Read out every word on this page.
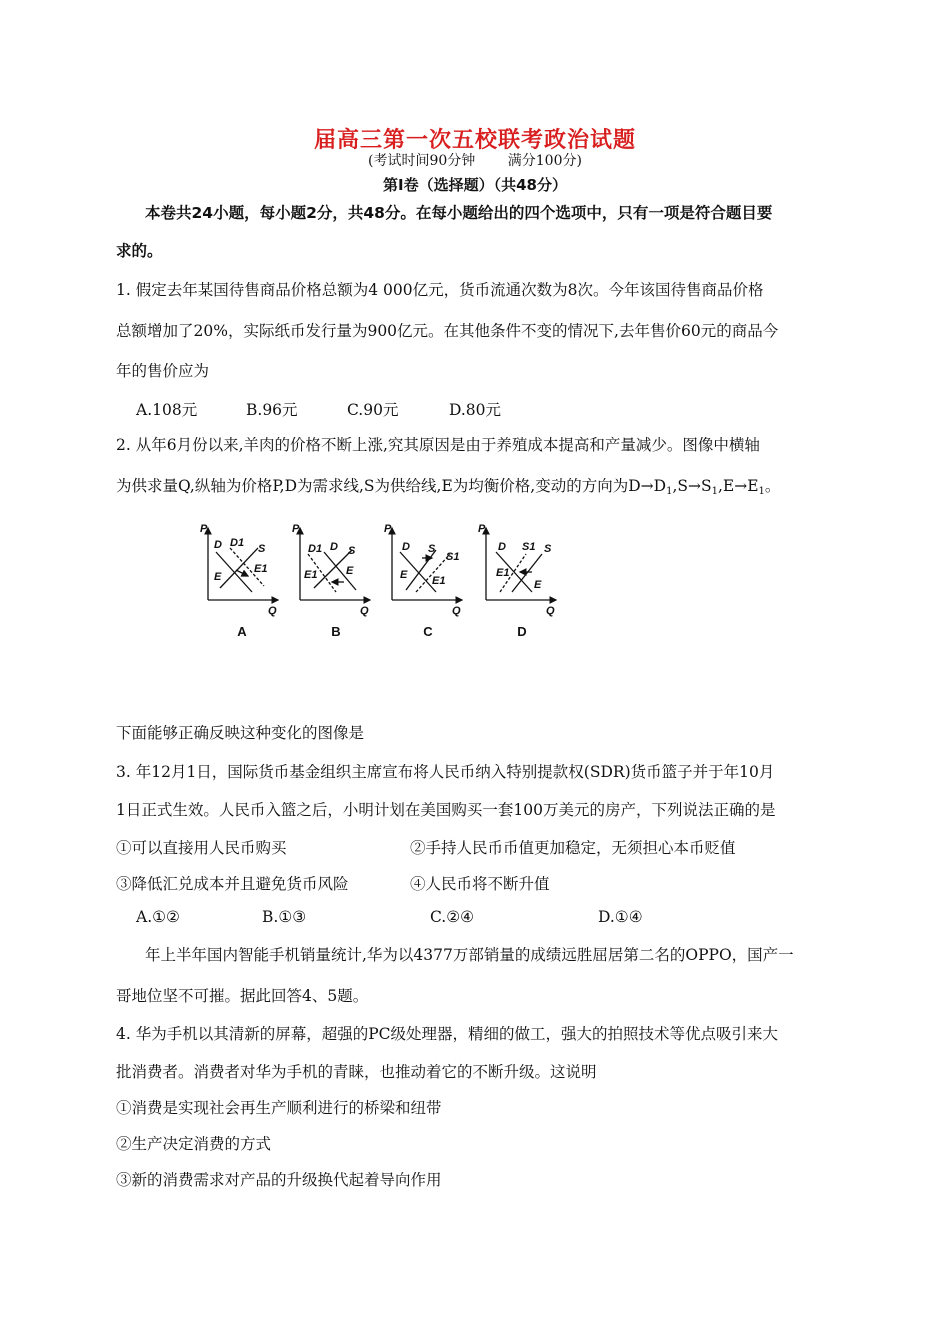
届高三第一次五校联考政治试题
(考试时间90分钟 满分100分)
第Ⅰ卷（选择题）（共48分）
本卷共24小题，每小题2分，共48分。在每小题给出的四个选项中，只有一项是符合题目要
求的。
1. 假定去年某国待售商品价格总额为4 000亿元，货币流通次数为8次。今年该国待售商品价格
总额增加了20%，实际纸币发行量为900亿元。在其他条件不变的情况下,去年售价60元的商品今
年的售价应为
A.108元	B.96元	C.90元	D.80元
2. 从年6月份以来,羊肉的价格不断上涨,究其原因是由于养殖成本提高和产量减少。图像中横轴
为供求量Q,纵轴为价格P,D为需求线,S为供给线,E为均衡价格,变动的方向为$D\to D_1,S\to S_1,E\to E_1$。
P
Q
D D1 S
E
E1
P
Q
D1 D S
E1	E
P
Q
D S
S1
E E1
P
Q
D S1 S
E1
E
A	B	C	D
下面能够正确反映这种变化的图像是
3. 年12月1日，国际货币基金组织主席宣布将人民币纳入特别提款权(SDR)货币篮子并于年10月
1日正式生效。人民币入篮之后，小明计划在美国购买一套100万美元的房产，下列说法正确的是
①可以直接用人民币购买	②手持人民币币值更加稳定，无须担心本币贬值
③降低汇兑成本并且避免货币风险	④人民币将不断升值
A.①②	B.①③	C.②④	D.①④
年上半年国内智能手机销量统计,华为以4377万部销量的成绩远胜屈居第二名的OPPO，国产一
哥地位坚不可摧。据此回答4、5题。
4. 华为手机以其清新的屏幕，超强的PC级处理器，精细的做工，强大的拍照技术等优点吸引来大
批消费者。消费者对华为手机的青睐，也推动着它的不断升级。这说明
①消费是实现社会再生产顺利进行的桥梁和纽带
②生产决定消费的方式
③新的消费需求对产品的升级换代起着导向作用
